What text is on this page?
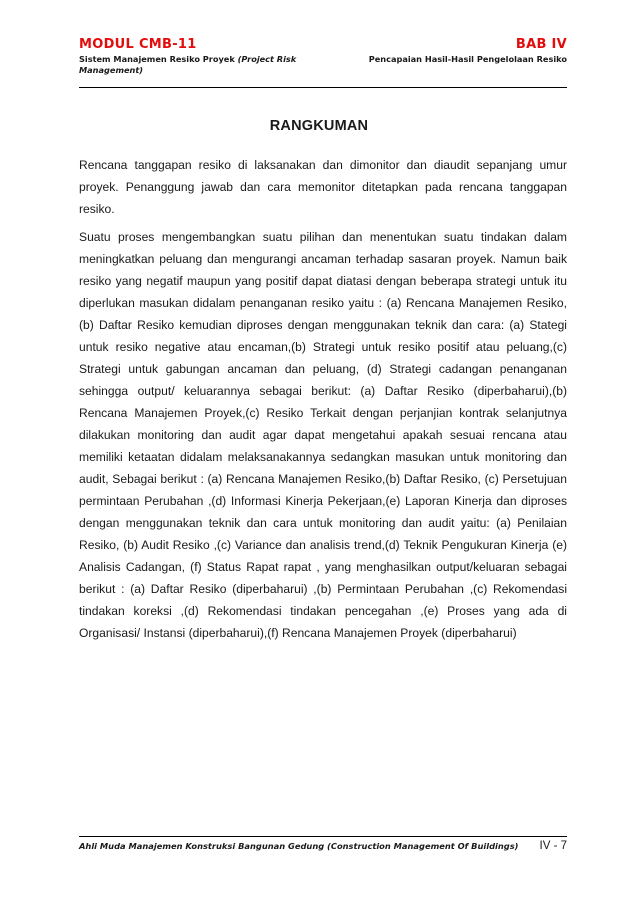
MODUL CMB-11	BAB IV
Sistem Manajemen Resiko Proyek (Project Risk Management)
Pencapaian Hasil-Hasil Pengelolaan Resiko
RANGKUMAN

Rencana tanggapan resiko di laksanakan dan dimonitor dan diaudit sepanjang umur proyek. Penanggung jawab dan cara memonitor ditetapkan pada rencana tanggapan resiko.

Suatu proses mengembangkan suatu pilihan dan menentukan suatu tindakan dalam meningkatkan peluang dan mengurangi ancaman terhadap sasaran proyek. Namun baik resiko yang negatif maupun yang positif dapat diatasi dengan beberapa strategi untuk itu diperlukan masukan didalam penanganan resiko yaitu : (a) Rencana Manajemen Resiko, (b) Daftar Resiko kemudian diproses dengan menggunakan teknik dan cara: (a) Stategi untuk resiko negative atau encaman,(b) Strategi untuk resiko positif atau peluang,(c) Strategi untuk gabungan ancaman dan peluang, (d) Strategi cadangan penanganan sehingga output/ keluarannya sebagai berikut: (a) Daftar Resiko (diperbaharui),(b) Rencana Manajemen Proyek,(c) Resiko Terkait dengan perjanjian kontrak selanjutnya dilakukan monitoring dan audit agar dapat mengetahui apakah sesuai rencana atau memiliki ketaatan didalam melaksanakannya sedangkan masukan untuk monitoring dan audit, Sebagai berikut : (a) Rencana Manajemen Resiko,(b) Daftar Resiko, (c) Persetujuan permintaan Perubahan ,(d) Informasi Kinerja Pekerjaan,(e) Laporan Kinerja dan diproses dengan menggunakan teknik dan cara untuk monitoring dan audit yaitu: (a) Penilaian Resiko, (b) Audit Resiko ,(c) Variance dan analisis trend,(d) Teknik Pengukuran Kinerja (e) Analisis Cadangan, (f) Status Rapat rapat , yang menghasilkan output/keluaran sebagai berikut : (a) Daftar Resiko (diperbaharui) ,(b) Permintaan Perubahan ,(c) Rekomendasi tindakan koreksi ,(d) Rekomendasi tindakan pencegahan ,(e) Proses yang ada di Organisasi/ Instansi (diperbaharui),(f) Rencana Manajemen Proyek (diperbaharui)

Ahli Muda Manajemen Konstruksi Bangunan Gedung (Construction Management Of Buildings) IV - 7
